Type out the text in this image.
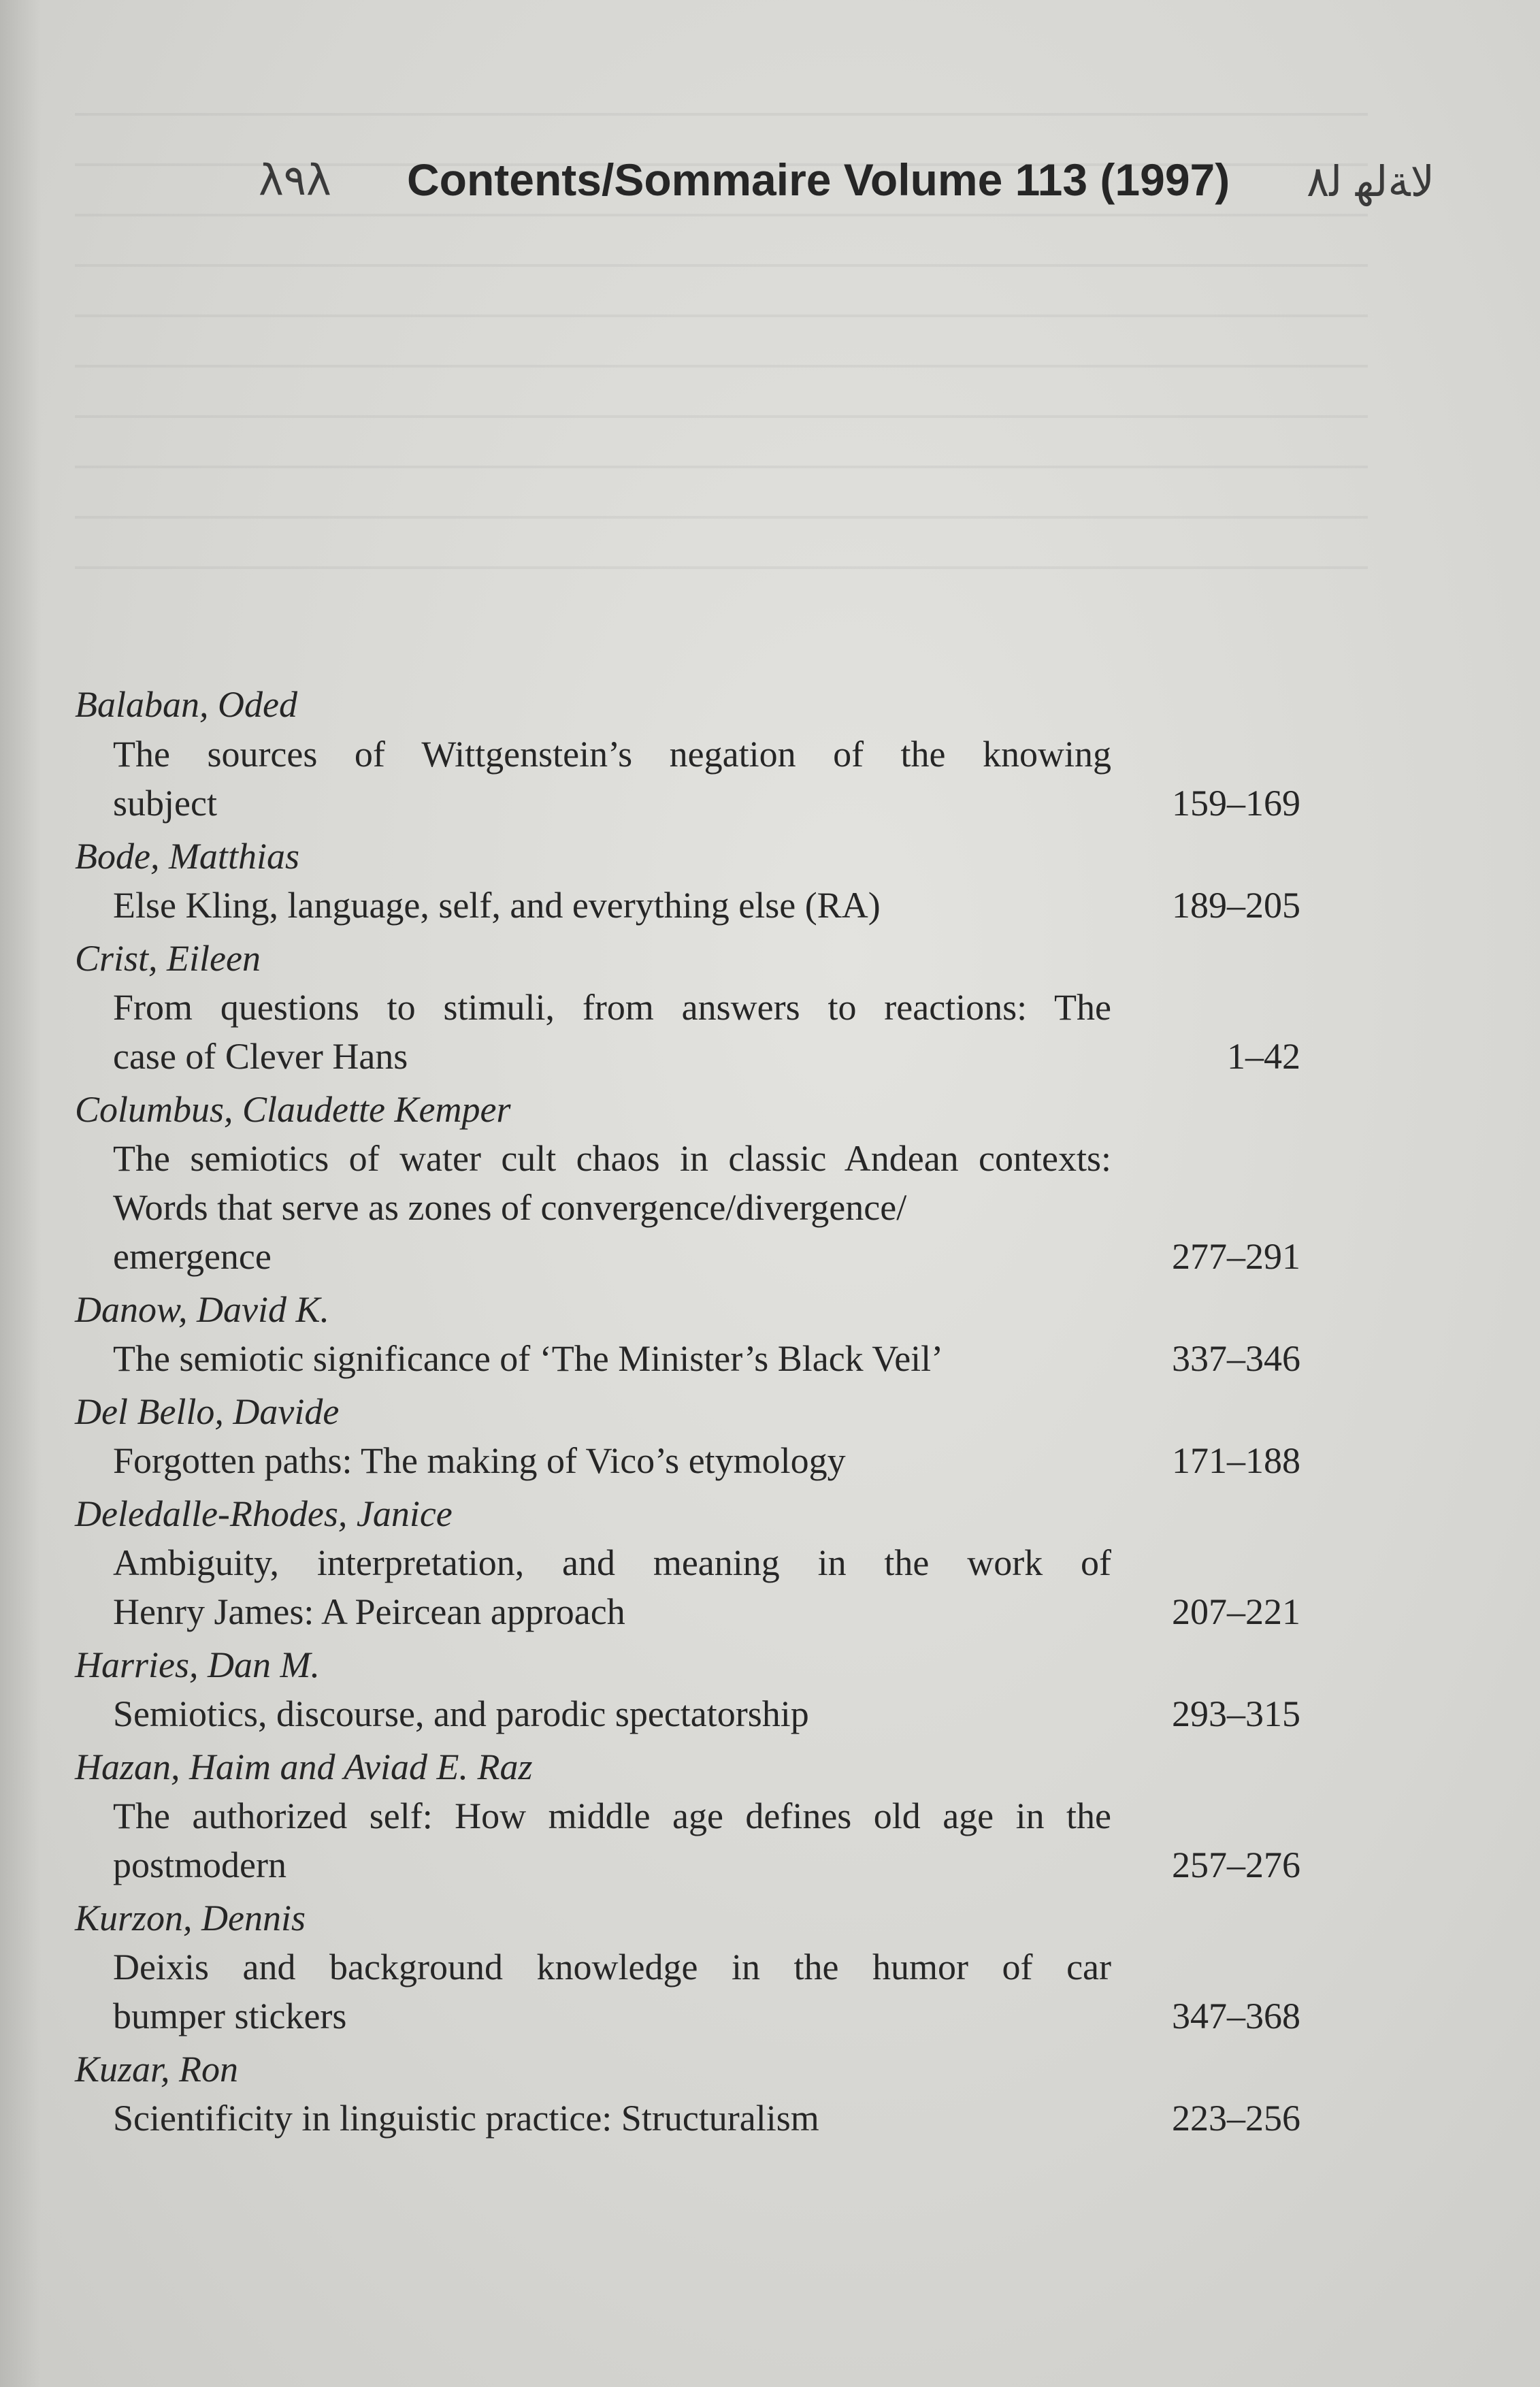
λ٩λ Contents/Sommaire Volume 113 (1997) ﻻﺔﻟﻬ ﻟ٨
Balaban, Oded
The sources of Wittgenstein’s negation of the knowing
subject	159–169
Bode, Matthias
Else Kling, language, self, and everything else (RA)	189–205
Crist, Eileen
From questions to stimuli, from answers to reactions: The
case of Clever Hans	1–42
Columbus, Claudette Kemper
The semiotics of water cult chaos in classic Andean contexts:
Words that serve as zones of convergence/divergence/
emergence	277–291
Danow, David K.
The semiotic significance of ‘The Minister’s Black Veil’	337–346
Del Bello, Davide
Forgotten paths: The making of Vico’s etymology	171–188
Deledalle-Rhodes, Janice
Ambiguity, interpretation, and meaning in the work of
Henry James: A Peircean approach	207–221
Harries, Dan M.
Semiotics, discourse, and parodic spectatorship	293–315
Hazan, Haim and Aviad E. Raz
The authorized self: How middle age defines old age in the
postmodern	257–276
Kurzon, Dennis
Deixis and background knowledge in the humor of car
bumper stickers	347–368
Kuzar, Ron
Scientificity in linguistic practice: Structuralism	223–256
